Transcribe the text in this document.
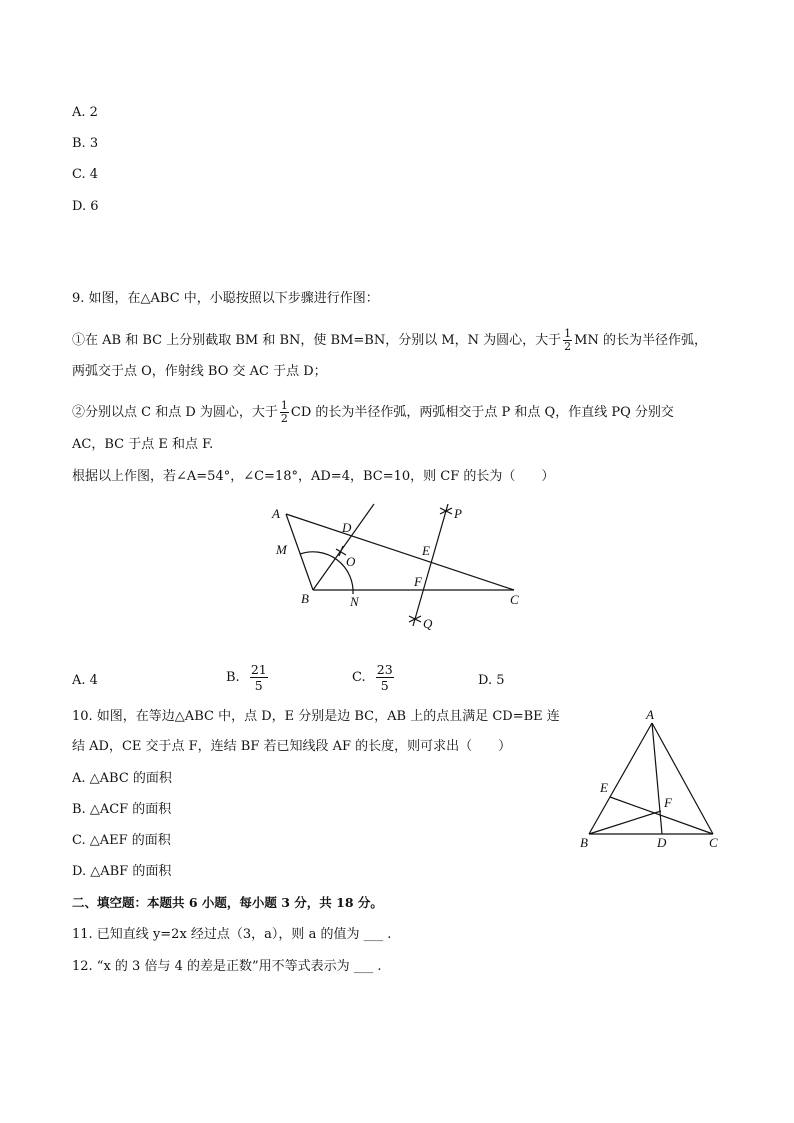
A. 2
B. 3
C. 4
D. 6
9. 如图，在△ABC 中，小聪按照以下步骤进行作图：
①在 AB 和 BC 上分别截取 BM 和 BN，使 BM=BN，分别以 M，N 为圆心，大于 $\frac{1}{2}$ MN 的长为半径作弧，
两弧交于点 O，作射线 BO 交 AC 于点 D；
②分别以点 C 和点 D 为圆心，大于 $\frac{1}{2}$ CD 的长为半径作弧，两弧相交于点 P 和点 Q，作直线 PQ 分别交
AC，BC 于点 E 和点 F.
根据以上作图，若∠A=54°，∠C=18°，AD=4，BC=10，则 CF 的长为（　　）
A
B	C
D
E
F
M
N
O
P
Q
A. 4	B. $\frac{21}{5}$	C. $\frac{23}{5}$	D. 5
10. 如图，在等边△ABC 中，点 D，E 分别是边 BC，AB 上的点且满足 CD=BE 连
结 AD，CE 交于点 F，连结 BF 若已知线段 AF 的长度，则可求出（　　）
A. △ABC 的面积
B. △ACF 的面积
C. △AEF 的面积
D. △ABF 的面积
A
B	C
D
E
F
二、填空题：本题共 6 小题，每小题 3 分，共 18 分。
11. 已知直线 y=2x 经过点（3，a），则 a 的值为 ___ .
12. “x 的 3 倍与 4 的差是正数”用不等式表示为 ___ .
